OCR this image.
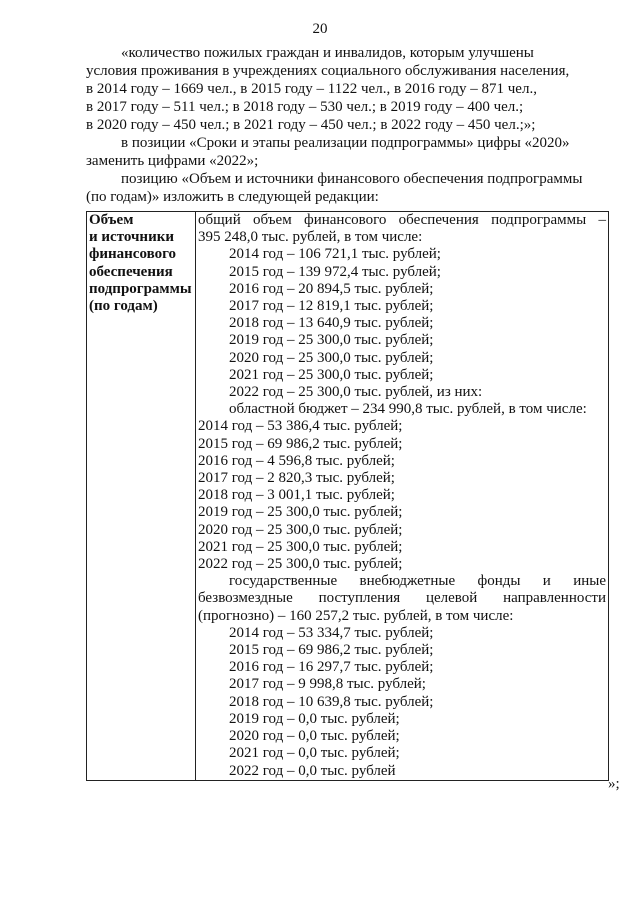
20

«количество пожилых граждан и инвалидов, которым улучшены
условия проживания в учреждениях социального обслуживания населения,
в 2014 году – 1669 чел., в 2015 году – 1122 чел., в 2016 году – 871 чел.,
в 2017 году – 511 чел.; в 2018 году – 530 чел.; в 2019 году – 400 чел.;
в 2020 году – 450 чел.; в 2021 году – 450 чел.; в 2022 году – 450 чел.;»;

в позиции «Сроки и этапы реализации подпрограммы» цифры «2020»
заменить цифрами «2022»;

позицию «Объем и источники финансового обеспечения подпрограммы
(по годам)» изложить в следующей редакции:

Объем
и источники
финансового
обеспечения
подпрограммы
(по годам)

общий объем финансового обеспечения подпрограммы –
395 248,0 тыс. рублей, в том числе:
2014 год – 106 721,1 тыс. рублей;
2015 год – 139 972,4 тыс. рублей;
2016 год – 20 894,5 тыс. рублей;
2017 год – 12 819,1 тыс. рублей;
2018 год – 13 640,9 тыс. рублей;
2019 год – 25 300,0 тыс. рублей;
2020 год – 25 300,0 тыс. рублей;
2021 год – 25 300,0 тыс. рублей;
2022 год – 25 300,0 тыс. рублей, из них:
областной бюджет – 234 990,8 тыс. рублей, в том числе:
2014 год – 53 386,4 тыс. рублей;
2015 год – 69 986,2 тыс. рублей;
2016 год – 4 596,8 тыс. рублей;
2017 год – 2 820,3 тыс. рублей;
2018 год – 3 001,1 тыс. рублей;
2019 год – 25 300,0 тыс. рублей;
2020 год – 25 300,0 тыс. рублей;
2021 год – 25 300,0 тыс. рублей;
2022 год – 25 300,0 тыс. рублей;
государственные внебюджетные фонды и иные
безвозмездные поступления целевой направленности
(прогнозно) – 160 257,2 тыс. рублей, в том числе:
2014 год – 53 334,7 тыс. рублей;
2015 год – 69 986,2 тыс. рублей;
2016 год – 16 297,7 тыс. рублей;
2017 год – 9 998,8 тыс. рублей;
2018 год – 10 639,8 тыс. рублей;
2019 год – 0,0 тыс. рублей;
2020 год – 0,0 тыс. рублей;
2021 год – 0,0 тыс. рублей;
2022 год – 0,0 тыс. рублей
»;
